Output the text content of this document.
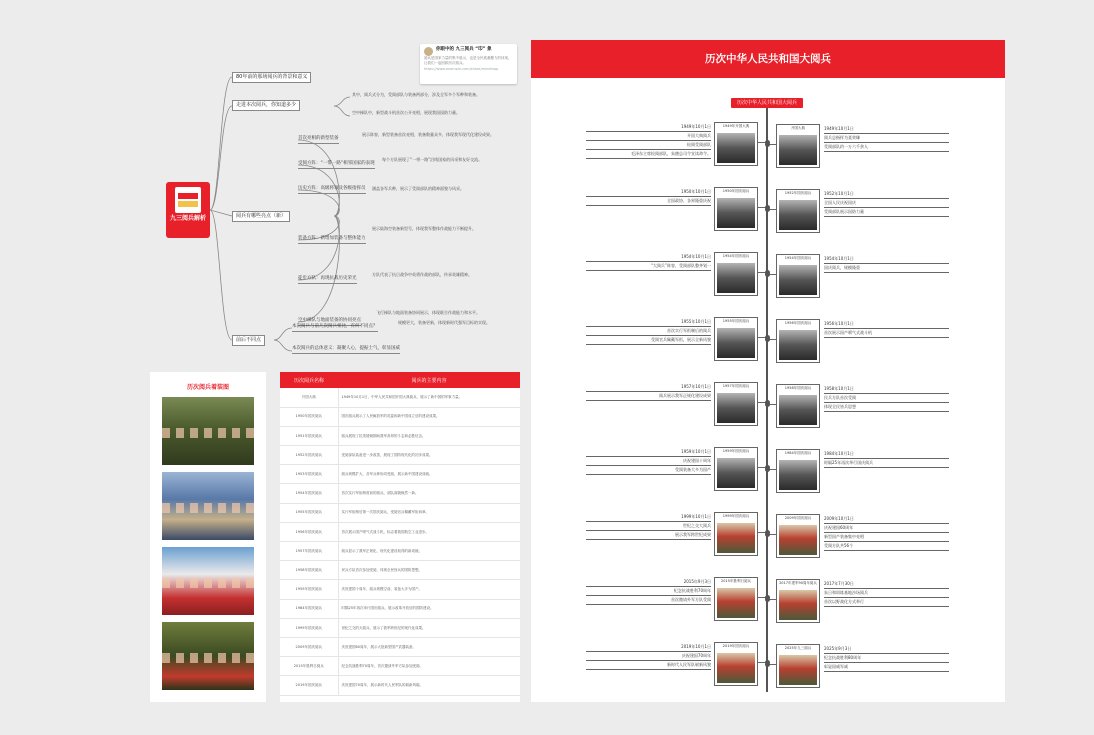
九三阅兵解析
80年前的那场阅兵的背景和意义
走进本次阅兵，你知道多少
其中，阅兵式分为，受阅部队与装备两部分，涉及全军多个军种和装备。
空中梯队中，新型战斗机首次公开亮相，展现我国国防力量。
阅兵有哪些亮点（新）
首次亮相的新型装备
展示阵容，新型装备首次亮相，装备数量众多，体现我军现代化建设成果。
受阅方阵：“一带一路”相邻国家的表现
每个方队展现了“一带一路”沿线国家的风采和友好交流。
历史方阵：高级将领及各级指挥员 涵盖各军兵种，展示了受阅部队的精神面貌与风采。
装备方阵：新增加装备与整体能力
展示陆海空装备新型号，体现我军整体作战能力不断提升。
徒步方队：再现抗战历史荣光
方队代表了抗日战争中英勇作战的部队，传承英雄精神。
空中梯队与地面装备的协同亮点
飞行梯队与地面装备协同展示，体现联合作战能力和水平。
前后不同点
本次阅兵与前几次阅兵相比，有何不同点？
规模更大，装备更新，体现新时代强军目标的实现。
本次阅兵的总体意义：凝聚人心，提振士气，彰显国威
你眼中的 九三阅兵 “印” 象
阅兵是国家力量的集中展示，也是全民族凝聚力的体现。让我们一起回顾历次阅兵。
https://www.example.com/share/mindmap
历次阅兵着装图
历次阅兵名称	阅兵的主要内容
开国大典	1949年10月1日，中华人民共和国开国大典阅兵，展示了新中国的军事力量。
1950年国庆阅兵	国庆阅兵展示了人民解放军的英姿和新中国成立后的建设成果。
1951年国庆阅兵	阅兵展现了抗美援朝期间我军高昂的斗志和必胜信念。
1952年国庆阅兵	受阅部队装备进一步改善，展现了国防现代化的初步成果。
1953年国庆阅兵	阅兵规模扩大，各军兵种协同受阅，展示新中国建设成就。
1954年国庆阅兵	首次实行军衔制度前的阅兵，部队面貌焕然一新。
1955年国庆阅兵	实行军衔制后第一次国庆阅兵，受阅官兵佩戴军衔肩章。
1956年国庆阅兵	首次展示国产喷气式战斗机，标志着我国航空工业进步。
1957年国庆阅兵	阅兵显示了我军正规化、现代化建设取得的新成就。
1958年国庆阅兵	民兵方队首次参加受阅，体现全民皆兵的国防思想。
1959年国庆阅兵	庆祝建国十周年，阅兵规模空前，装备大多为国产。
1984年国庆阅兵	时隔25年再次举行国庆阅兵，展示改革开放后的国防建设。
1999年国庆阅兵	世纪之交的大阅兵，展示了我军跨世纪的现代化成果。
2009年国庆阅兵	庆祝建国60周年，展示大批新型国产武器装备。
2015年胜利日阅兵	纪念抗战胜利70周年，首次邀请外军方队参加受阅。
2019年国庆阅兵	庆祝建国70周年，展示新时代人民军队的崭新风貌。
历次中华人民共和国大阅兵
历次中华人民共和国大阅兵
1949年开国大典
1949年10月1日
开国大典阅兵
检阅受阅部队
毛泽东主席检阅部队，朱德总司令宣读命令。
开国大典	1949年10月1日
阅兵总指挥为聂荣臻
受阅部队约一万六千余人
1950年国庆阅兵
1950年10月1日
全国政协，各界隆重庆祝
1952年国庆阅兵	1952年10月1日
全国人民庆祝国庆
受阅部队展示国防力量
1954年国庆阅兵
1954年10月1日
“大阅兵”阵容，受阅部队整齐划一
1954年国庆阅兵	1954年10月1日
国庆阅兵，规模隆重
1955年国庆阅兵
1955年10月1日
首次实行军衔制后的阅兵
受阅官兵佩戴军衔，展示全新风貌
1956年国庆阅兵	1956年10月1日
首次展示国产喷气式战斗机
1957年国庆阅兵
1957年10月1日
阅兵展示我军正规化建设成果
1958年国庆阅兵	1958年10月1日
民兵方队首次受阅
体现全民皆兵思想
1959年国庆阅兵
1959年10月1日
庆祝建国十周年
受阅装备大多为国产
1984年国庆阅兵	1984年10月1日
时隔25年再次举行国庆阅兵
1999年国庆阅兵
1999年10月1日
世纪之交大阅兵
展示我军跨世纪成果
2009年国庆阅兵	2009年10月1日
庆祝建国60周年
新型国产装备集中亮相
受阅方队共56个
2015年胜利日阅兵
2015年9月3日
纪念抗战胜利70周年
首次邀请外军方队受阅
2017年建军90周年阅兵	2017年7月30日
朱日和训练基地沙场阅兵
首次以野战化方式举行
2019年国庆阅兵
2019年10月1日
庆祝建国70周年
新时代人民军队崭新风貌
2025年九三阅兵	2025年9月3日
纪念抗战胜利80周年
彰显国威军威
